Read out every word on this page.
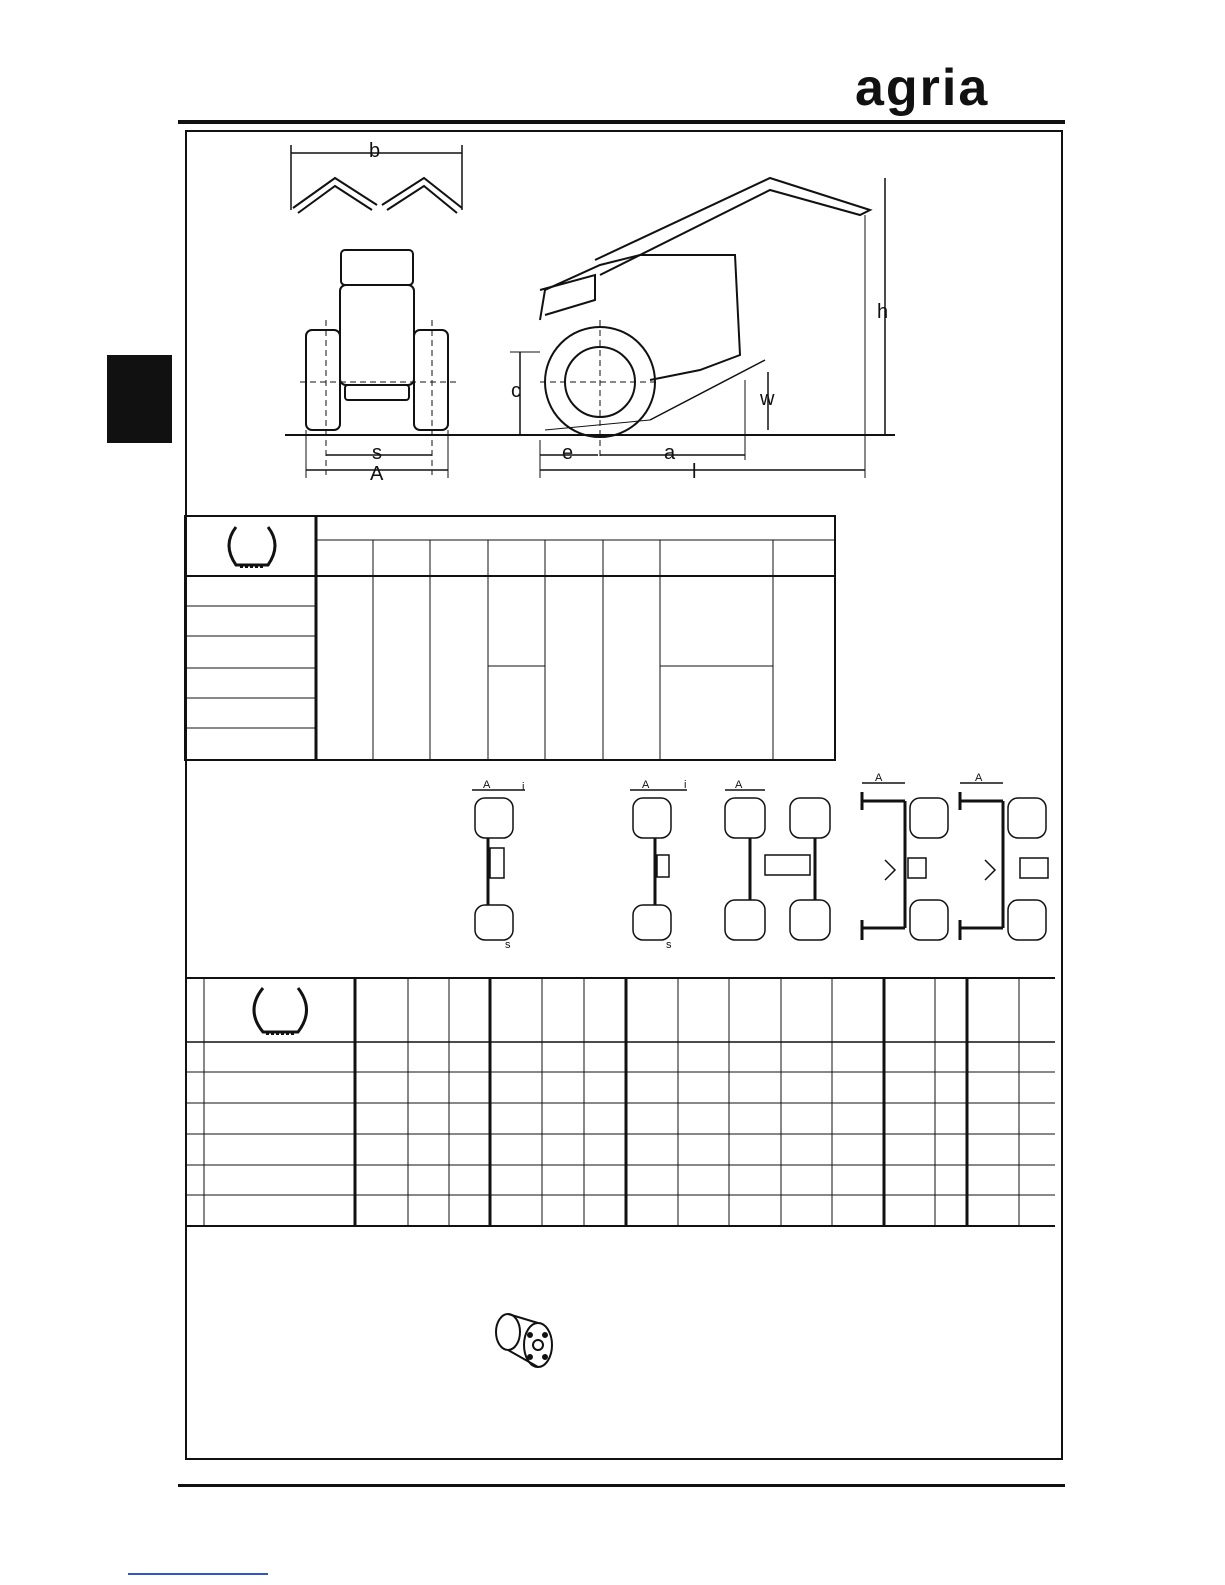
agria
b
h
c	w
s
A
e	a
l
A	i
s
A	i
s
A
A	A
